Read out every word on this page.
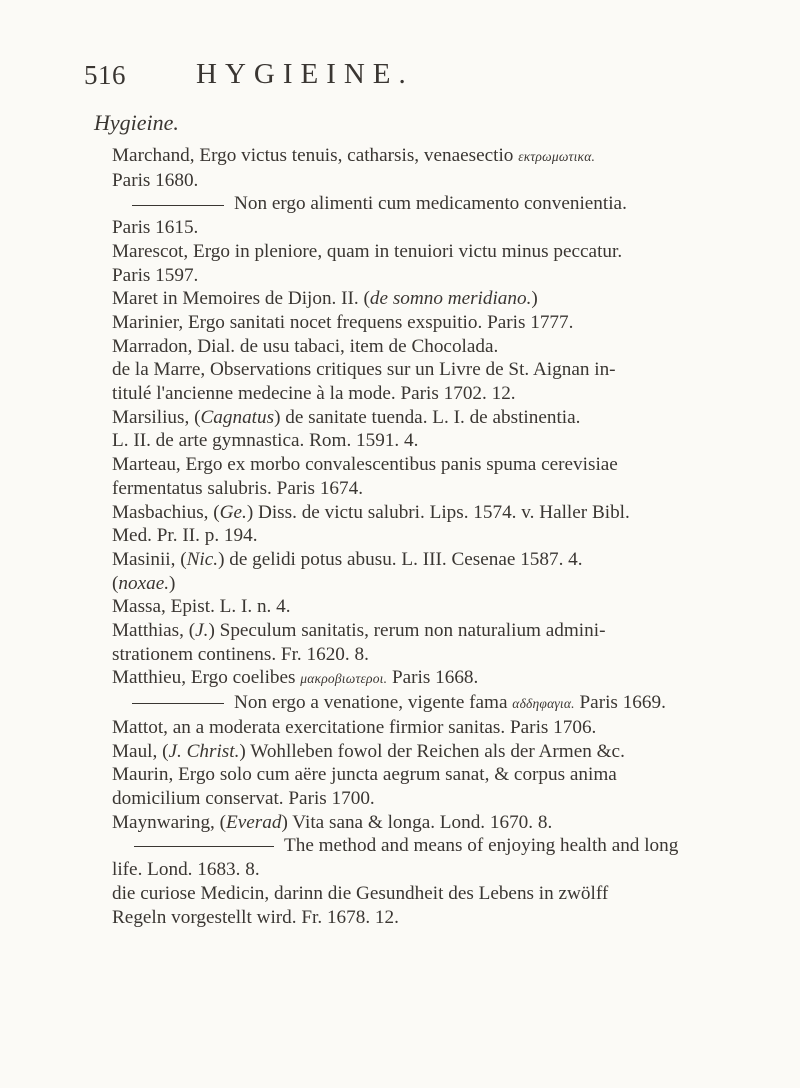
516 HYGIEINE.
Hygieine.

Marchand, Ergo victus tenuis, catharsis, venaesectio εκτρωμωτικα.
Paris 1680.

Non ergo alimenti cum medicamento convenientia.
Paris 1615.

Marescot, Ergo in pleniore, quam in tenuiori victu minus peccatur.
Paris 1597.

Maret in Memoires de Dijon. II. (de somno meridiano.)

Marinier, Ergo sanitati nocet frequens exspuitio. Paris 1777.

Marradon, Dial. de usu tabaci, item de Chocolada.

de la Marre, Observations critiques sur un Livre de St. Aignan in-
titulé l'ancienne medecine à la mode. Paris 1702. 12.

Marsilius, (Cagnatus) de sanitate tuenda. L. I. de abstinentia.
L. II. de arte gymnastica. Rom. 1591. 4.

Marteau, Ergo ex morbo convalescentibus panis spuma cerevisiae
fermentatus salubris. Paris 1674.

Masbachius, (Ge.) Diss. de victu salubri. Lips. 1574. v. Haller Bibl.
Med. Pr. II. p. 194.

Masinii, (Nic.) de gelidi potus abusu. L. III. Cesenae 1587. 4.
(noxae.)

Massa, Epist. L. I. n. 4.

Matthias, (J.) Speculum sanitatis, rerum non naturalium admini-
strationem continens. Fr. 1620. 8.

Matthieu, Ergo coelibes μακροβιωτεροι. Paris 1668.

Non ergo a venatione, vigente fama αδδηφαγια. Paris 1669.

Mattot, an a moderata exercitatione firmior sanitas. Paris 1706.

Maul, (J. Christ.) Wohlleben fowol der Reichen als der Armen &c.

Maurin, Ergo solo cum aëre juncta aegrum sanat, & corpus anima
domicilium conservat. Paris 1700.

Maynwaring, (Everad) Vita sana & longa. Lond. 1670. 8.

The method and means of enjoying health and long
life. Lond. 1683. 8.

die curiose Medicin, darinn die Gesundheit des Lebens in zwölff
Regeln vorgestellt wird. Fr. 1678. 12.
